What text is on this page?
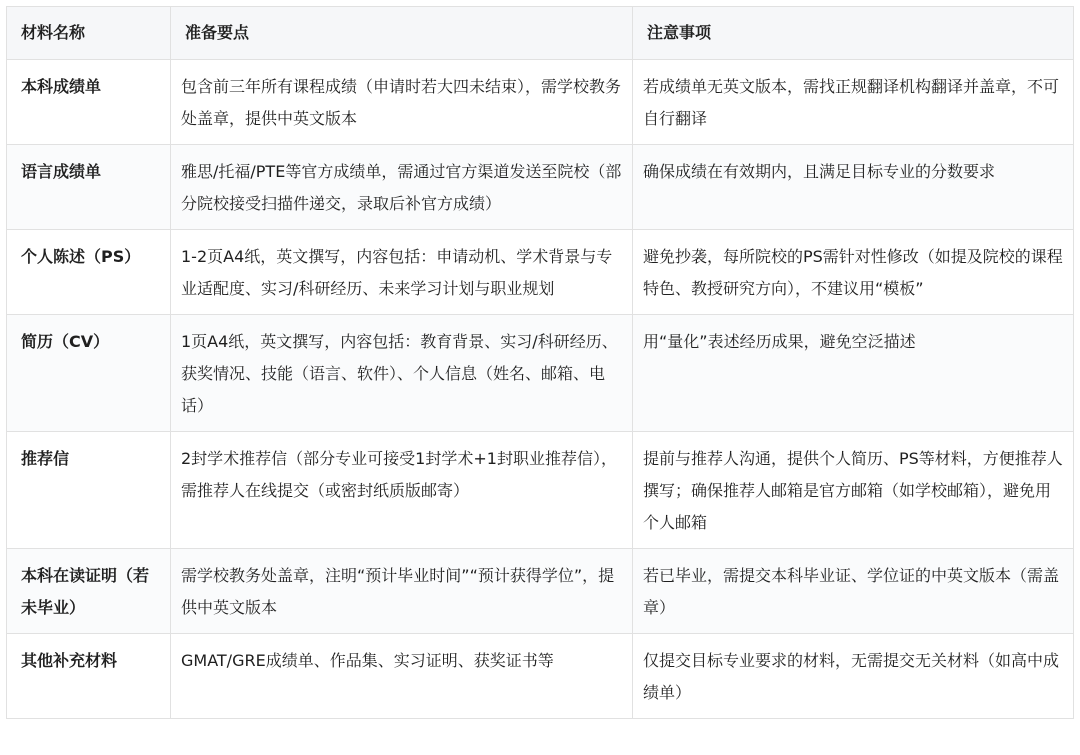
材料名称	准备要点	注意事项
本科成绩单	包含前三年所有课程成绩（申请时若大四未结束），需学校教务处盖章，提供中英文版本	若成绩单无英文版本，需找正规翻译机构翻译并盖章，不可自行翻译
语言成绩单	雅思/托福/PTE等官方成绩单，需通过官方渠道发送至院校（部分院校接受扫描件递交，录取后补官方成绩）	确保成绩在有效期内，且满足目标专业的分数要求
个人陈述（PS）	1-2页A4纸，英文撰写，内容包括：申请动机、学术背景与专业适配度、实习/科研经历、未来学习计划与职业规划	避免抄袭，每所院校的PS需针对性修改（如提及院校的课程特色、教授研究方向），不建议用“模板”
简历（CV）	1页A4纸，英文撰写，内容包括：教育背景、实习/科研经历、获奖情况、技能（语言、软件）、个人信息（姓名、邮箱、电话）	用“量化”表述经历成果，避免空泛描述
推荐信	2封学术推荐信（部分专业可接受1封学术+1封职业推荐信），需推荐人在线提交（或密封纸质版邮寄）	提前与推荐人沟通，提供个人简历、PS等材料，方便推荐人撰写；确保推荐人邮箱是官方邮箱（如学校邮箱），避免用个人邮箱
本科在读证明（若未毕业）	需学校教务处盖章，注明“预计毕业时间”“预计获得学位”，提供中英文版本	若已毕业，需提交本科毕业证、学位证的中英文版本（需盖章）
其他补充材料	GMAT/GRE成绩单、作品集、实习证明、获奖证书等	仅提交目标专业要求的材料，无需提交无关材料（如高中成绩单）
